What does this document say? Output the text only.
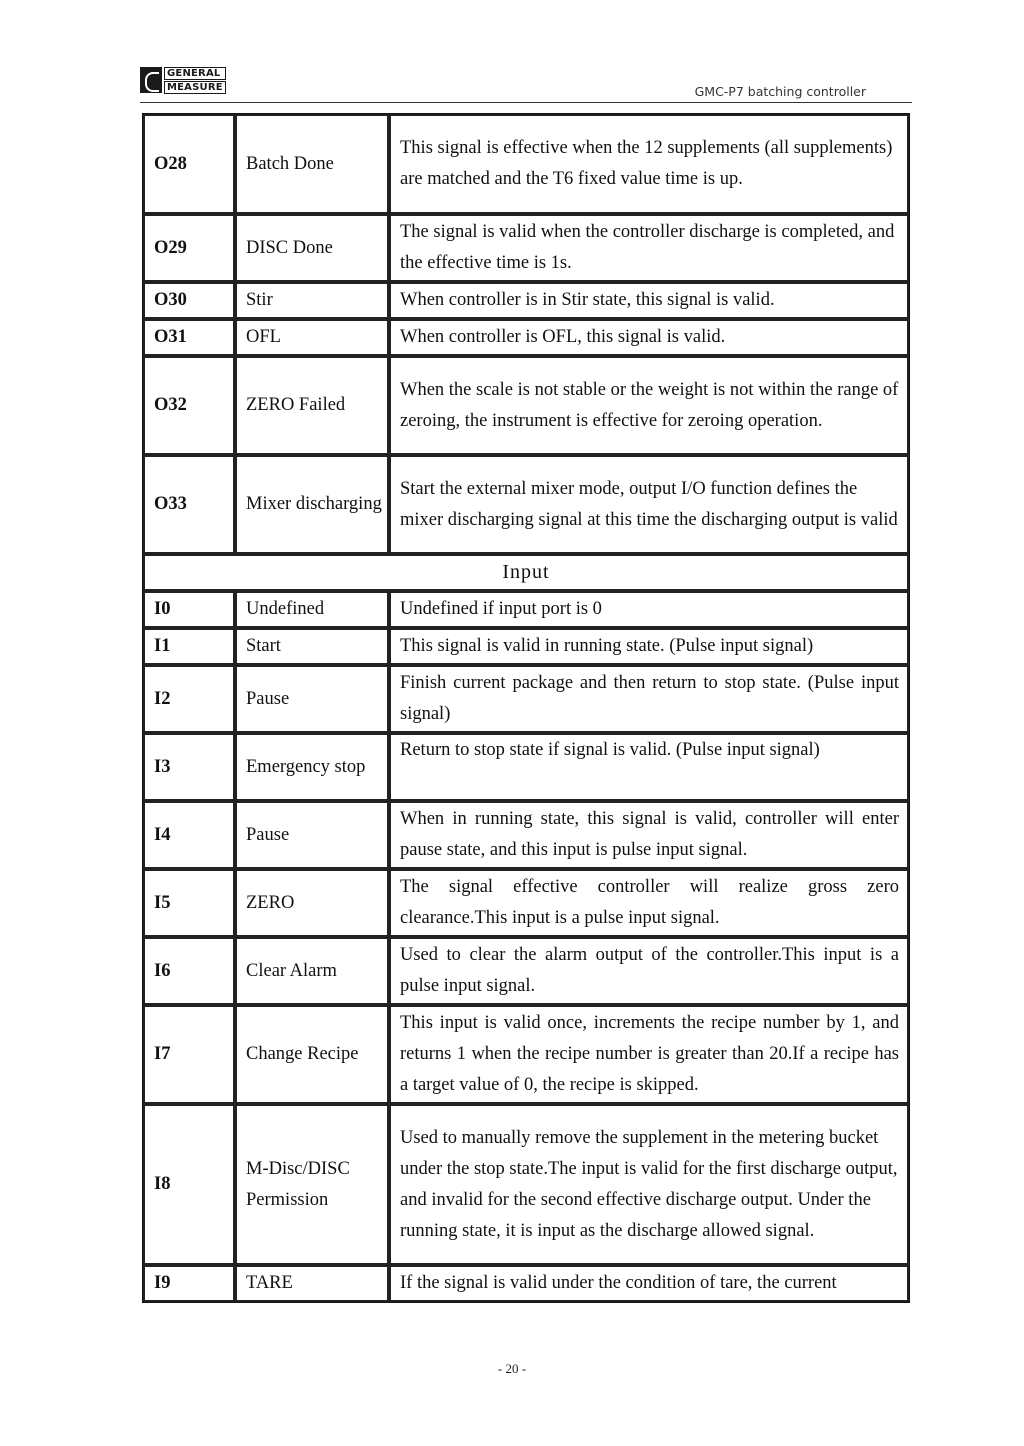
GENERAL
MEASURE	GMC-P7 batching controller
O28	Batch Done	This signal is effective when the 12 supplements (all supplements) are matched and the T6 fixed value time is up.
O29	DISC Done	The signal is valid when the controller discharge is completed, and the effective time is 1s.
O30	Stir	When controller is in Stir state, this signal is valid.
O31	OFL	When controller is OFL, this signal is valid.
O32	ZERO Failed	When the scale is not stable or the weight is not within the range of zeroing, the instrument is effective for zeroing operation.
O33	Mixer discharging	Start the external mixer mode, output I/O function defines the mixer discharging signal at this time the discharging output is valid
Input		
I0	Undefined	Undefined if input port is 0
I1	Start	This signal is valid in running state. (Pulse input signal)
I2	Pause	Finish current package and then return to stop state. (Pulse input signal)
I3	Emergency stop	Return to stop state if signal is valid. (Pulse input signal)
I4	Pause	When in running state, this signal is valid, controller will enter pause state, and this input is pulse input signal.
I5	ZERO	The signal effective controller will realize gross zero clearance.This input is a pulse input signal.
I6	Clear Alarm	Used to clear the alarm output of the controller.This input is a pulse input signal.
I7	Change Recipe	This input is valid once, increments the recipe number by 1, and returns 1 when the recipe number is greater than 20.If a recipe has a target value of 0, the recipe is skipped.
I8	M-Disc/DISC Permission	Used to manually remove the supplement in the metering bucket under the stop state.The input is valid for the first discharge output, and invalid for the second effective discharge output. Under the running state, it is input as the discharge allowed signal.
I9	TARE	If the signal is valid under the condition of tare, the current
- 20 -
